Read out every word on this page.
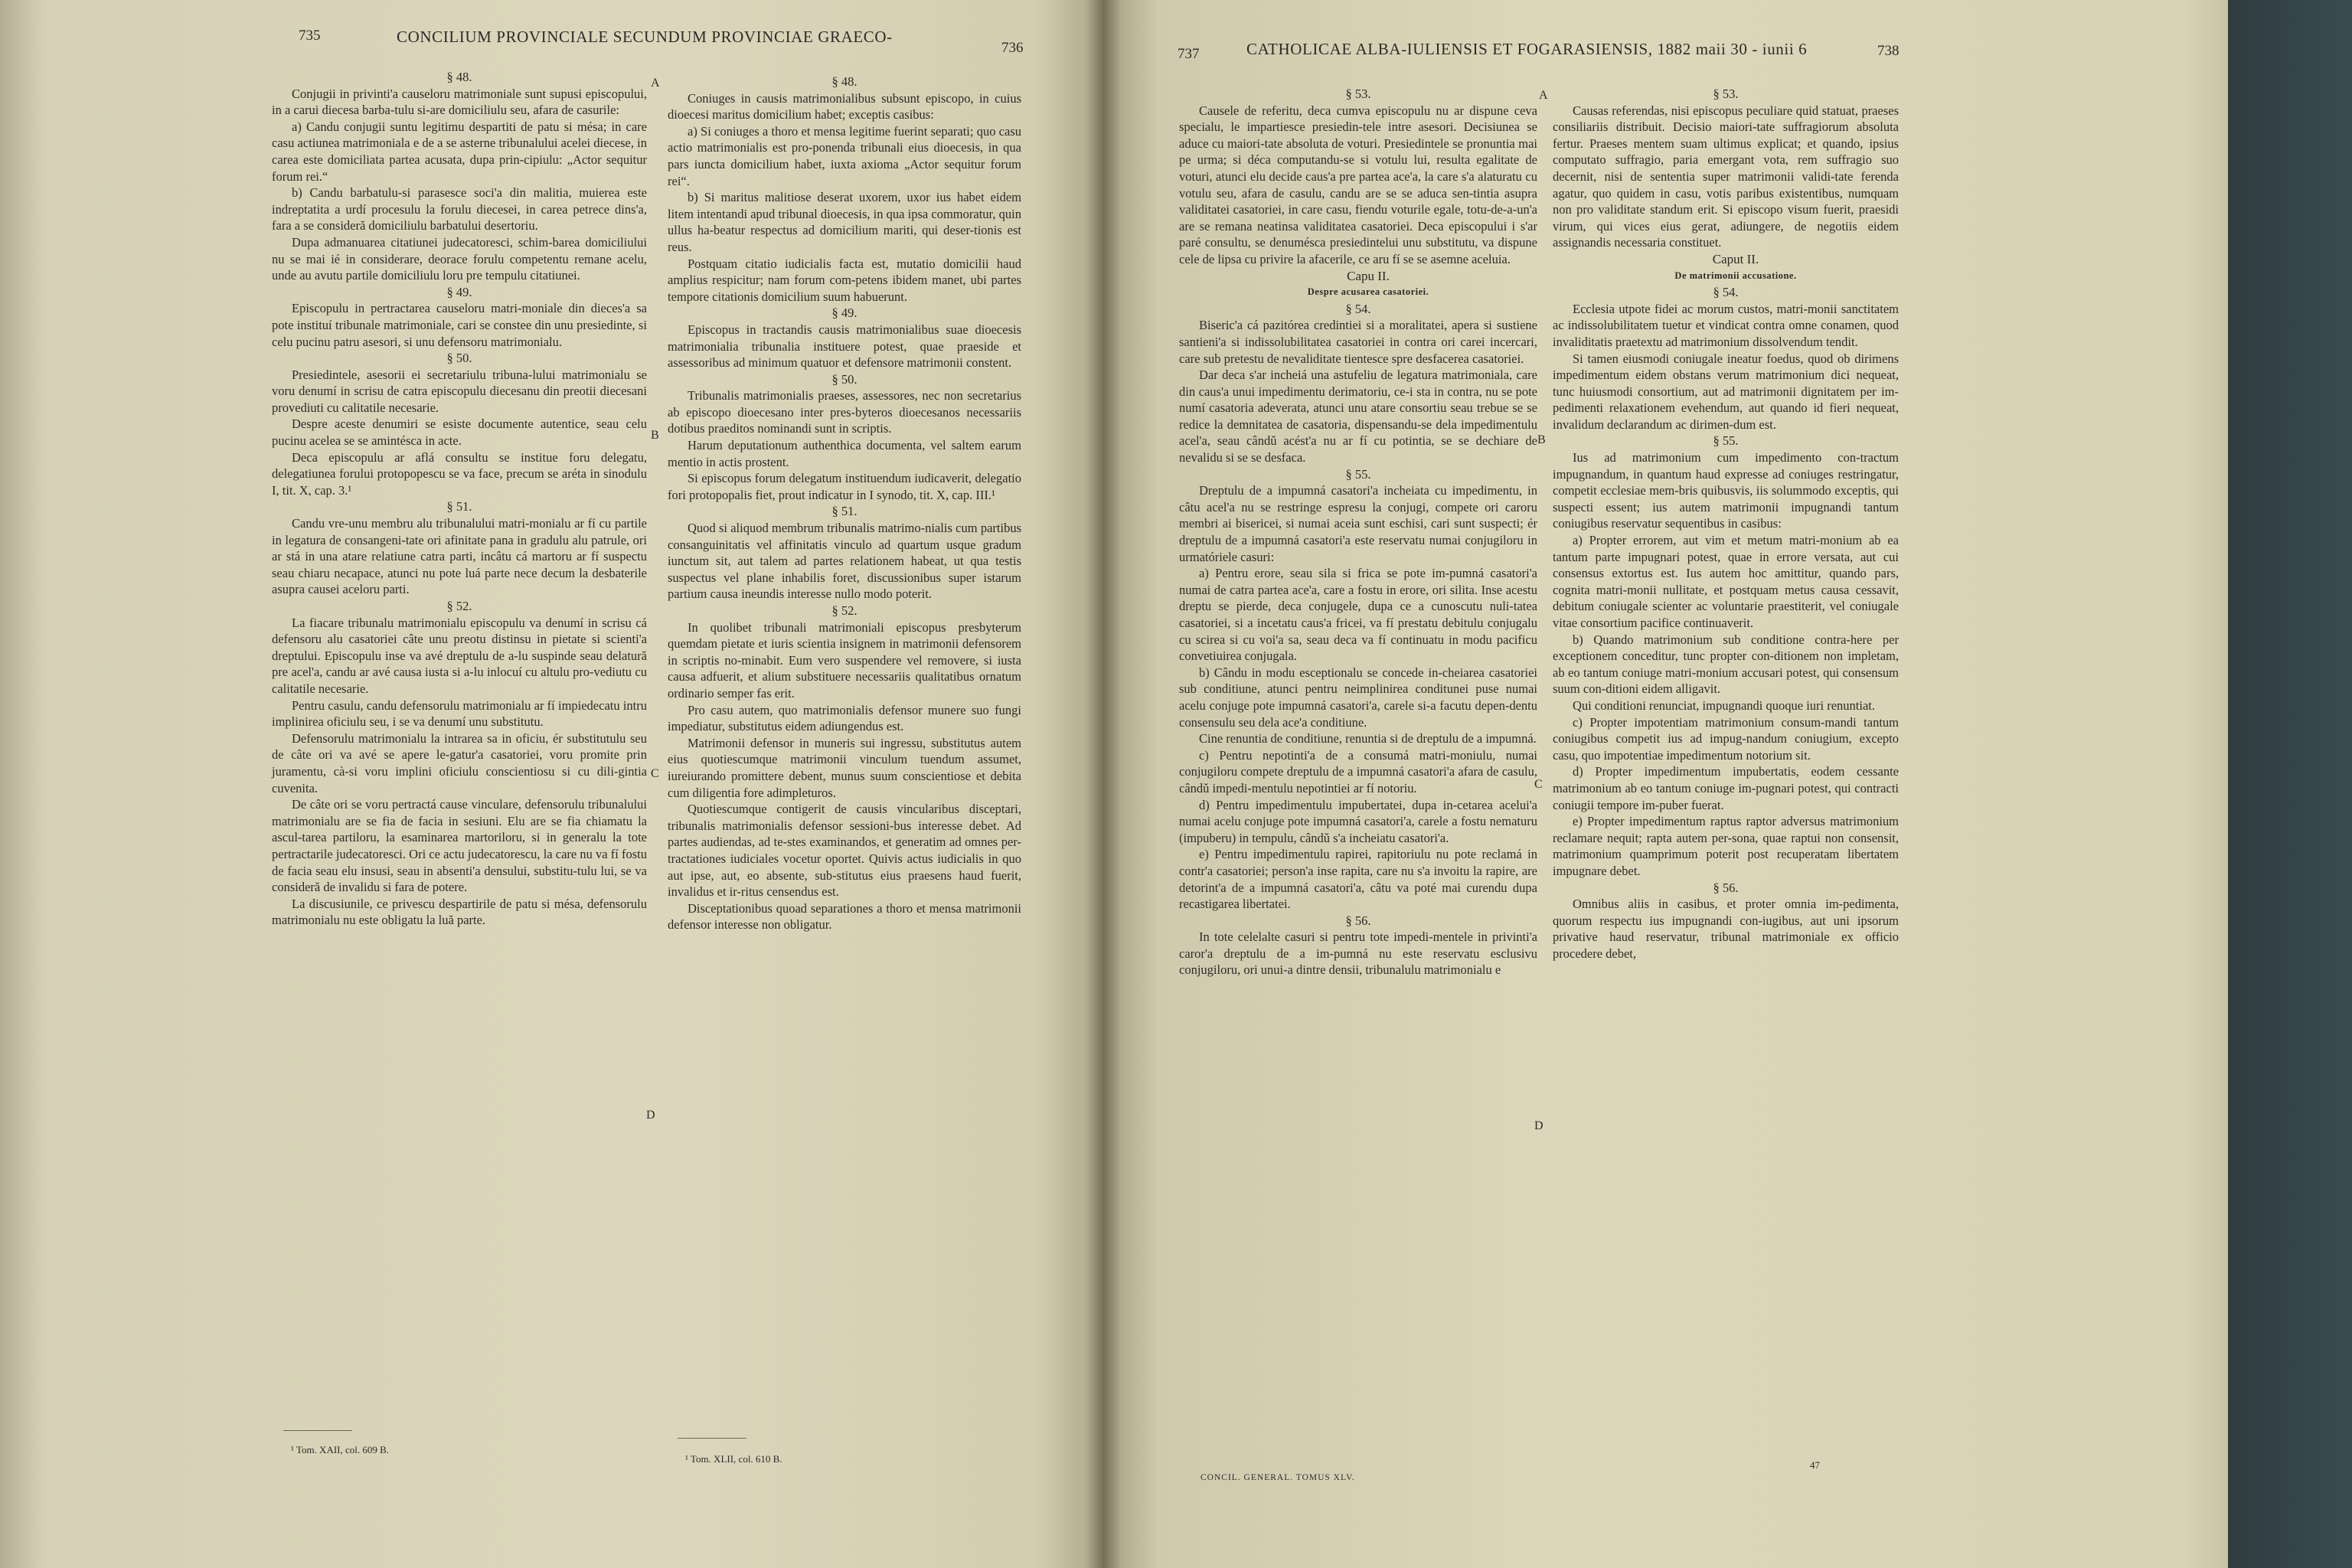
735	CONCILIUM PROVINCIALE SECUNDUM PROVINCIAE GRAECO-
736
A
B
C
D

§ 48.

Conjugii in privinti'a causeloru matrimoniale sunt supusi episcopului, in a carui diecesa barba-tulu si-are domiciliulu seu, afara de casurile:

a) Candu conjugii suntu legitimu despartiti de patu si mésa; in care casu actiunea matrimoniala e de a se asterne tribunalului acelei diecese, in carea este domiciliata partea acusata, dupa prin-cipiulu: „Actor sequitur forum rei.“

b) Candu barbatulu-si parasesce soci'a din malitia, muierea este indreptatita a urdí procesulu la forulu diecesei, in carea petrece dins'a, fara a se consideră domiciliulu barbatului desertoriu.

Dupa admanuarea citatiunei judecatoresci, schim-barea domiciliului nu se mai ié in considerare, deorace forulu competentu remane acelu, unde au avutu partile domiciliulu loru pre tempulu citatiunei.

§ 49.

Episcopulu in pertractarea causeloru matri-moniale din dieces'a sa pote instituí tribunale matrimoniale, cari se constee din unu presiedinte, si celu pucinu patru asesori, si unu defensoru matrimonialu.

§ 50.

Presiedintele, asesorii ei secretariulu tribuna-lului matrimonialu se voru denumí in scrisu de catra episcopulu diecesanu din preotii diecesani provediuti cu calitatile necesarie.

Despre aceste denumiri se esiste documente autentice, seau celu pucinu acelea se se amintésca in acte.

Deca episcopulu ar aflá consultu se institue foru delegatu, delegatiunea forului protopopescu se va face, precum se aréta in sinodulu I, tit. X, cap. 3.¹

§ 51.

Candu vre-unu membru alu tribunalului matri-monialu ar fí cu partile in legatura de consangeni-tate ori afinitate pana in gradulu alu patrule, ori ar stá in una atare relatiune catra parti, incâtu cá martoru ar fí suspectu seau chiaru necapace, atunci nu pote luá parte nece decum la desbaterile asupra causei aceloru parti.

§ 52.

La fiacare tribunalu matrimonialu episcopulu va denumí in scrisu cá defensoru alu casatoriei câte unu preotu distinsu in pietate si scienti'a dreptului. Episcopulu inse va avé dreptulu de a-lu suspinde seau delatură pre acel'a, candu ar avé causa iusta si a-lu inlocuí cu altulu pro-vediutu cu calitatile necesarie.

Pentru casulu, candu defensorulu matrimonialu ar fí impiedecatu intru implinirea oficiulu seu, i se va denumí unu substitutu.

Defensorulu matrimonialu la intrarea sa in oficiu, ér substitutulu seu de câte ori va avé se apere le-gatur'a casatoriei, voru promite prin juramentu, cà-si voru implini oficiulu conscientiosu si cu dili-gintia cuvenita.

De câte ori se voru pertractá cause vinculare, defensorulu tribunalului matrimonialu are se fia de facia in sesiuni. Elu are se fia chiamatu la ascul-tarea partiloru, la esaminarea martoriloru, si in generalu la tote pertractarile judecatoresci. Ori ce actu judecatorescu, la care nu va fí fostu de facia seau elu insusi, seau in absenti'a densului, substitu-tulu lui, se va consideră de invalidu si fara de potere.

La discusiunile, ce privescu despartirile de patu si mésa, defensorulu matrimonialu nu este obligatu la luă parte.

§ 48.

Coniuges in causis matrimonialibus subsunt episcopo, in cuius dioecesi maritus domicilium habet; exceptis casibus:

a) Si coniuges a thoro et mensa legitime fuerint separati; quo casu actio matrimonialis est pro-ponenda tribunali eius dioecesis, in qua pars iuncta domicilium habet, iuxta axioma „Actor sequitur forum rei“.

b) Si maritus malitiose deserat uxorem, uxor ius habet eidem litem intentandi apud tribunal dioecesis, in qua ipsa commoratur, quin ullus ha-beatur respectus ad domicilium mariti, qui deser-tionis est reus.

Postquam citatio iudicialis facta est, mutatio domicilii haud amplius respicitur; nam forum com-petens ibidem manet, ubi partes tempore citationis domicilium suum habuerunt.

§ 49.

Episcopus in tractandis causis matrimonialibus suae dioecesis matrimonialia tribunalia instituere potest, quae praeside et assessoribus ad minimum quatuor et defensore matrimonii constent.

§ 50.

Tribunalis matrimonialis praeses, assessores, nec non secretarius ab episcopo dioecesano inter pres-byteros dioecesanos necessariis dotibus praeditos nominandi sunt in scriptis.

Harum deputationum authenthica documenta, vel saltem earum mentio in actis prostent.

Si episcopus forum delegatum instituendum iudicaverit, delegatio fori protopopalis fiet, prout indicatur in I synodo, tit. X, cap. III.¹

§ 51.

Quod si aliquod membrum tribunalis matrimo-nialis cum partibus consanguinitatis vel affinitatis vinculo ad quartum usque gradum iunctum sit, aut talem ad partes relationem habeat, ut qua testis suspectus vel plane inhabilis foret, discussionibus super istarum partium causa ineundis interesse nullo modo poterit.

§ 52.

In quolibet tribunali matrimoniali episcopus presbyterum quemdam pietate et iuris scientia insignem in matrimonii defensorem in scriptis no-minabit. Eum vero suspendere vel removere, si iusta causa adfuerit, et alium substituere necessariis qualitatibus ornatum ordinario semper fas erit.

Pro casu autem, quo matrimonialis defensor munere suo fungi impediatur, substitutus eidem adiungendus est.

Matrimonii defensor in muneris sui ingressu, substitutus autem eius quotiescumque matrimonii vinculum tuendum assumet, iureiurando promittere debent, munus suum conscientiose et debita cum diligentia fore adimpleturos.

Quotiescumque contigerit de causis vincularibus disceptari, tribunalis matrimonialis defensor sessioni-bus interesse debet. Ad partes audiendas, ad te-stes examinandos, et generatim ad omnes per-tractationes iudiciales vocetur oportet. Quivis actus iudicialis in quo aut ipse, aut, eo absente, sub-stitutus eius praesens haud fuerit, invalidus et ir-ritus censendus est.

Disceptationibus quoad separationes a thoro et mensa matrimonii defensor interesse non obligatur.

¹ Tom. XAII, col. 609 B.
¹ Tom. XLII, col. 610 B.
737	CATHOLICAE ALBA-IULIENSIS ET FOGARASIENSIS, 1882 maii 30 - iunii 6	738
A
B
C
D

§ 53.

Causele de referitu, deca cumva episcopulu nu ar dispune ceva specialu, le impartiesce presiedin-tele intre asesori. Decisiunea se aduce cu maiori-tate absoluta de voturi. Presiedintele se pronuntia mai pe urma; si déca computandu-se si votulu lui, resulta egalitate de voturi, atunci elu decide caus'a pre partea ace'a, la care s'a alaturatu cu votulu seu, afara de casulu, candu are se se aduca sen-tintia asupra validitatei casatoriei, in care casu, fiendu voturile egale, totu-de-a-un'a are se remana neatinsa validitatea casatoriei. Deca episcopului i s'ar paré consultu, se denumésca presiedintelui unu substitutu, va dispune cele de lipsa cu privire la afacerile, ce aru fí se se asemne aceluia.

Capu II.

Despre acusarea casatoriei.

§ 54.

Biseric'a cá pazitórea credintiei si a moralitatei, apera si sustiene santieni'a si indissolubilitatea casatoriei in contra ori carei incercari, care sub pretestu de nevaliditate tientesce spre desfacerea casatoriei.

Dar deca s'ar incheiá una astufeliu de legatura matrimoniala, care din caus'a unui impedimentu derimatoriu, ce-i sta in contra, nu se pote numí casatoria adeverata, atunci unu atare consortiu seau trebue se se redice la demnitatea de casatoria, dispensandu-se dela impedimentulu acel'a, seau cândǔ acést'a nu ar fí cu potintia, se se dechiare de nevalidu si se se desfaca.

§ 55.

Dreptulu de a impumná casatori'a incheiata cu impedimentu, in câtu acel'a nu se restringe espresu la conjugi, compete ori caroru membri ai bisericei, si numai aceia sunt eschisi, cari sunt suspecti; ér dreptulu de a impumná casatori'a este reservatu numai conjugiloru in urmatóriele casuri:

a) Pentru erore, seau sila si frica se pote im-pumná casatori'a numai de catra partea ace'a, care a fostu in erore, ori silita. Inse acestu dreptu se pierde, deca conjugele, dupa ce a cunoscutu nuli-tatea casatoriei, si a incetatu caus'a fricei, va fí prestatu debitulu conjugalu cu scirea si cu voi'a sa, seau deca va fí continuatu in modu pacificu convetiuirea conjugala.

b) Cându in modu esceptionalu se concede in-cheiarea casatoriei sub conditiune, atunci pentru neimplinirea conditunei puse numai acelu conjuge pote impumná casatori'a, carele si-a facutu depen-dentu consensulu seu dela ace'a conditiune.

Cine renuntia de conditiune, renuntia si de dreptulu de a impumná.

c) Pentru nepotinti'a de a consumá matri-moniulu, numai conjugiloru compete dreptulu de a impumná casatori'a afara de casulu, cândǔ impedi-mentulu nepotintiei ar fí notoriu.

d) Pentru impedimentulu impubertatei, dupa in-cetarea acelui'a numai acelu conjuge pote impumná casatori'a, carele a fostu nematuru (impuberu) in tempulu, cândǔ s'a incheiatu casatori'a.

e) Pentru impedimentulu rapirei, rapitoriulu nu pote reclamá in contr'a casatoriei; person'a inse rapita, care nu s'a invoitu la rapire, are detorint'a de a impumná casatori'a, câtu va poté mai curendu dupa recastigarea libertatei.

§ 56.

In tote celelalte casuri si pentru tote impedi-mentele in privinti'a caror'a dreptulu de a im-pumná nu este reservatu esclusivu conjugiloru, ori unui-a dintre densii, tribunalulu matrimonialu e

§ 53.

Causas referendas, nisi episcopus peculiare quid statuat, praeses consiliariis distribuit. Decisio maiori-tate suffragiorum absoluta fertur. Praeses mentem suam ultimus explicat; et quando, ipsius computato suffragio, paria emergant vota, rem suffragio suo decernit, nisi de sententia super matrimonii validi-tate ferenda agatur, quo quidem in casu, votis paribus existentibus, numquam non pro validitate standum erit. Si episcopo visum fuerit, praesidi virum, qui vices eius gerat, adiungere, de negotiis eidem assignandis necessaria constituet.

Caput II.

De matrimonii accusatione.

§ 54.

Ecclesia utpote fidei ac morum custos, matri-monii sanctitatem ac indissolubilitatem tuetur et vindicat contra omne conamen, quod invaliditatis praetextu ad matrimonium dissolvendum tendit.

Si tamen eiusmodi coniugale ineatur foedus, quod ob dirimens impedimentum eidem obstans verum matrimonium dici nequeat, tunc huiusmodi consortium, aut ad matrimonii dignitatem per im-pedimenti relaxationem evehendum, aut quando id fieri nequeat, invalidum declarandum ac dirimen-dum est.

§ 55.

Ius ad matrimonium cum impedimento con-tractum impugnandum, in quantum haud expresse ad coniuges restringatur, competit ecclesiae mem-bris quibusvis, iis solummodo exceptis, qui suspecti essent; ius autem matrimonii impugnandi tantum coniugibus reservatur sequentibus in casibus:

a) Propter errorem, aut vim et metum matri-monium ab ea tantum parte impugnari potest, quae in errore versata, aut cui consensus extortus est. Ius autem hoc amittitur, quando pars, cognita matri-monii nullitate, et postquam metus causa cessavit, debitum coniugale scienter ac voluntarie praestiterit, vel coniugale vitae consortium pacifice continuaverit.

b) Quando matrimonium sub conditione contra-here per exceptionem conceditur, tunc propter con-ditionem non impletam, ab eo tantum coniuge matri-monium accusari potest, qui consensum suum con-ditioni eidem alligavit.

Qui conditioni renunciat, impugnandi quoque iuri renuntiat.

c) Propter impotentiam matrimonium consum-mandi tantum coniugibus competit ius ad impug-nandum coniugium, excepto casu, quo impotentiae impedimentum notorium sit.

d) Propter impedimentum impubertatis, eodem cessante matrimonium ab eo tantum coniuge im-pugnari potest, qui contracti coniugii tempore im-puber fuerat.

e) Propter impedimentum raptus raptor adversus matrimonium reclamare nequit; rapta autem per-sona, quae raptui non consensit, matrimonium quamprimum poterit post recuperatam libertatem impugnare debet.

§ 56.

Omnibus aliis in casibus, et proter omnia im-pedimenta, quorum respectu ius impugnandi con-iugibus, aut uni ipsorum privative haud reservatur, tribunal matrimoniale ex officio procedere debet,

CONCIL. GENERAL. TOMUS XLV.
47
